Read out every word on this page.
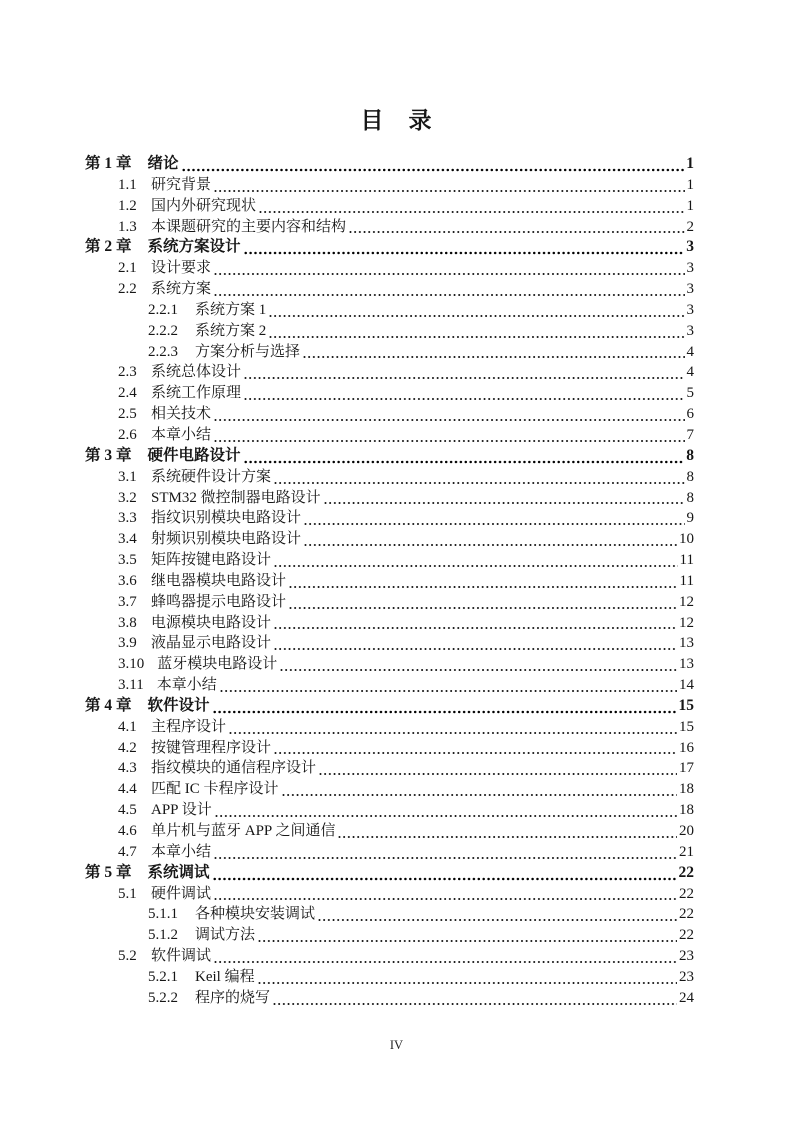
目　录
第 1 章 绪论	1
1.1 研究背景	1
1.2 国内外研究现状	1
1.3 本课题研究的主要内容和结构	2
第 2 章 系统方案设计	3
2.1 设计要求	3
2.2 系统方案	3
2.2.1 系统方案 1	3
2.2.2 系统方案 2	3
2.2.3 方案分析与选择	4
2.3 系统总体设计	4
2.4 系统工作原理	5
2.5 相关技术	6
2.6 本章小结	7
第 3 章 硬件电路设计	8
3.1 系统硬件设计方案	8
3.2 STM32 微控制器电路设计	8
3.3 指纹识别模块电路设计	9
3.4 射频识别模块电路设计	10
3.5 矩阵按键电路设计	11
3.6 继电器模块电路设计	11
3.7 蜂鸣器提示电路设计	12
3.8 电源模块电路设计	12
3.9 液晶显示电路设计	13
3.10 蓝牙模块电路设计	13
3.11 本章小结	14
第 4 章 软件设计	15
4.1 主程序设计	15
4.2 按键管理程序设计	16
4.3 指纹模块的通信程序设计	17
4.4 匹配 IC 卡程序设计	18
4.5 APP 设计	18
4.6 单片机与蓝牙 APP 之间通信	20
4.7 本章小结	21
第 5 章 系统调试	22
5.1 硬件调试	22
5.1.1 各种模块安装调试	22
5.1.2 调试方法	22
5.2 软件调试	23
5.2.1 Keil 编程	23
5.2.2 程序的烧写	24
IV
